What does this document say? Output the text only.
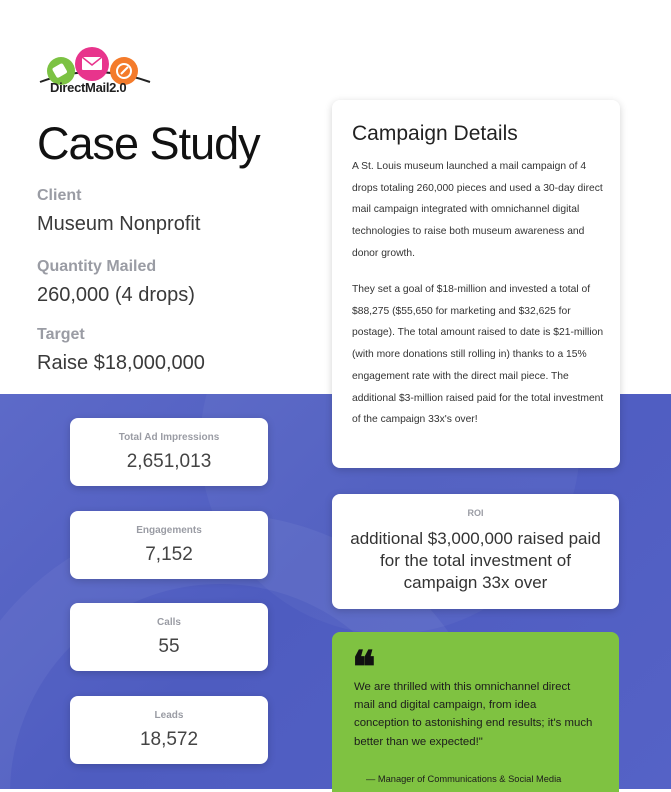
DirectMail2.0
Case Study
Client
Museum Nonprofit
Quantity Mailed
260,000 (4 drops)
Target
Raise $18,000,000
Campaign Details

A St. Louis museum launched a mail campaign of 4 drops totaling 260,000 pieces and used a 30-day direct mail campaign integrated with omnichannel digital technologies to raise both museum awareness and donor growth.

They set a goal of $18-million and invested a total of $88,275 ($55,650 for marketing and $32,625 for postage). The total amount raised to date is $21-million (with more donations still rolling in) thanks to a 15% engagement rate with the direct mail piece. The additional $3-million raised paid for the total investment of the campaign 33x's over!

Total Ad Impressions
2,651,013
Engagements
7,152
Calls
55
Leads
18,572
ROI
additional $3,000,000 raised paid for the total investment of campaign 33x over
❝

We are thrilled with this omnichannel direct mail and digital campaign, from idea conception to astonishing end results; it's much better than we expected!"

— Manager of Communications & Social Media
